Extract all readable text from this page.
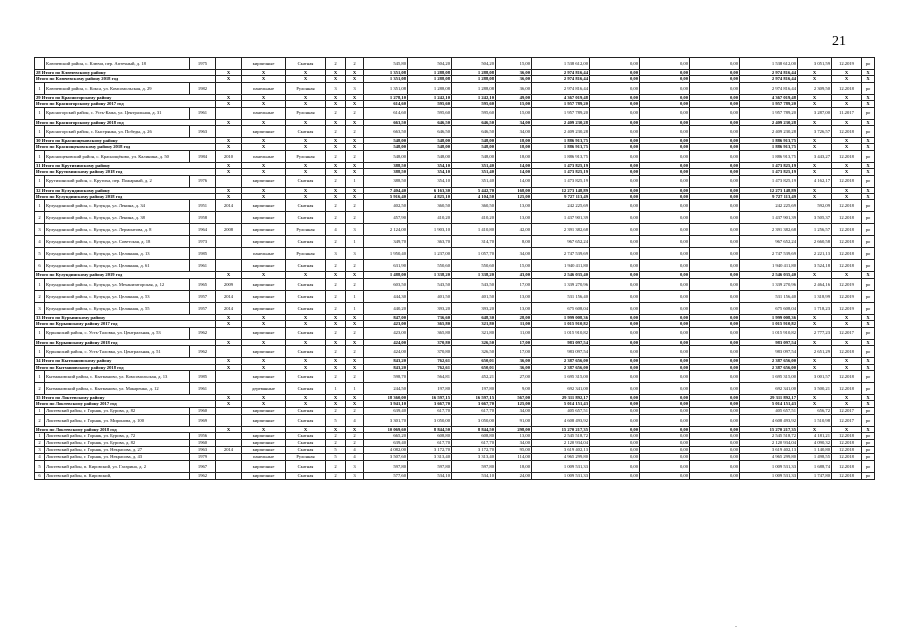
21
	Ключевский район, с. Ключи, пер. Аптечный, д. 18	1975		кирпичные	Скатная	2	2	545,80	504,20	504,20	15,00	1 538 612,00	0,00	0,00	0,00	1 538 612,00	3 051,59	12.2019	ро
28 Итого по Ключевскому району			X	X	X	X	X	1 351,08	1 288,08	1 288,08	36,00	2 974 816,44	0,00	0,00	0,00	2 974 816,44	X	X	X
Итого по Ключевскому району 2018 год			X	X	X	X	X	1 351,08	1 288,08	1 288,08	36,00	2 974 816,44	0,00	0,00	0,00	2 974 816,44	X	X	X
1	Ключевский район, с. Кокса, ул. Комсомольская, д. 29	1982		панельные	Рулонная	3	3	1 351,08	1 288,08	1 288,08	36,00	2 974 816,44	0,00	0,00	0,00	2 974 816,44	2 309,50	12.2018	ро
29 Итого по Красногорскому району			X	X	X	X	X	1 278,10	1 242,10	1 242,10	49,00	4 367 019,48	0,00	0,00	0,00	4 367 019,48	X	X	X
Итого по Красногорскому району 2017 год			X	X	X	X	X	614,60	595,60	595,60	15,00	1 957 789,20	0,00	0,00	0,00	1 957 789,20	X	X	X
1	Красногорский район, с. Усть-Кажа, ул. Центральная, д. 31	1961		панельные	Рулонная	2	2	614,60	595,60	595,60	15,00	1 957 789,20	0,00	0,00	0,00	1 957 789,20	3 287,00	11.2017	ро
Итого по Красногорскому району 2018 год			X	X	X	X	X	663,50	646,50	646,50	34,00	2 409 230,28	0,00	0,00	0,00	2 409 230,28	X	X	X
1	Красногорский район, с. Быстрянка, ул. Победы, д. 26	1963		кирпичные	Скатная	2	2	663,50	646,50	646,50	34,00	2 409 230,28	0,00	0,00	0,00	2 409 230,28	3 726,57	12.2018	ро
30 Итого по Краснощековскому району			X	X	X	X	X	548,00	548,00	548,00	18,00	1 886 913,75	0,00	0,00	0,00	1 886 913,75	X	X	X
Итого по Краснощековскому району 2018 год			X	X	X	X	X	548,00	548,00	548,00	18,00	1 886 913,75	0,00	0,00	0,00	1 886 913,75	X	X	X
1	Краснощековский район, с. Краснощёково, ул. Калинина, д. 50	1984	2010	панельные	Рулонная	2	2	548,00	548,00	548,00	18,00	1 886 913,75	0,00	0,00	0,00	1 886 913,75	3 443,27	12.2018	ро
31 Итого по Крутихинскому району			X	X	X	X	X	388,50	354,10	351,40	14,00	1 473 825,19	0,00	0,00	0,00	1 473 825,19	X	X	X
Итого по Крутихинскому району 2018 год			X	X	X	X	X	388,50	354,10	351,40	14,00	1 473 825,19	0,00	0,00	0,00	1 473 825,19	X	X	X
1	Крутихинский район, с. Крутиха, пер. Пожарный, д. 2	1976		кирпичные	Скатная	2	1	388,50	354,10	351,40	14,00	1 473 825,19	0,00	0,00	0,00	1 473 825,19	4 162,17	12.2018	ро
32 Итого по Кулундинскому району			X	X	X	X	X	7 404,40	6 163,30	5 442,70	168,00	12 273 148,89	0,00	0,00	0,00	12 273 148,89	X	X	X
Итого по Кулундинскому району 2018 год			X	X	X	X	X	5 916,40	4 825,10	4 104,50	125,00	9 727 113,49	0,00	0,00	0,00	9 727 113,49	X	X	X
1	Кулундинский район, с. Кулунда, ул. Ленина, д. 34	1951	2014	кирпичные	Скатная	2	2	402,50	360,50	360,50	13,00	242 225,69	0,00	0,00	0,00	242 225,69	592,09	12.2018	ро
2	Кулундинский район, с. Кулунда, ул. Ленина, д. 38	1958		кирпичные	Скатная	2	2	457,90	410,20	410,20	13,00	1 437 901,39	0,00	0,00	0,00	1 437 901,39	3 505,37	12.2018	ро
3	Кулундинский район, с. Кулунда, ул. Лермонтова, д. 8	1964	2008	кирпичные	Рулонная	4	3	2 124,00	1 903,10	1 410,80	42,00	2 391 382,68	0,00	0,00	0,00	2 391 382,68	1 256,57	12.2018	ро
4	Кулундинский район, с. Кулунда, ул. Советская, д. 18	1973		кирпичные	Скатная	2	1	349,70	363,70	314,70	8,00	967 652,24	0,00	0,00	0,00	967 652,24	2 660,58	12.2018	ро
5	Кулундинский район, с. Кулунда, ул. Целинная, д. 13	1985		панельные	Рулонная	3	3	1 950,40	1 237,00	1 057,70	34,00	2 747 539,69	0,00	0,00	0,00	2 747 539,69	2 221,13	12.2018	ро
6	Кулундинский район, с. Кулунда, ул. Целинная, д. 61	1961		кирпичные	Скатная	2	2	631,90	550,60	550,60	15,00	1 940 411,80	0,00	0,00	0,00	1 940 411,80	3 524,18	12.2018	ро
Итого по Кулундинскому району 2019 год			X	X	X	X	X	1 488,00	1 338,20	1 338,20	43,00	2 546 035,40	0,00	0,00	0,00	2 546 035,40	X	X	X
1	Кулундинский район, с. Кулунда, ул. Механизаторская, д. 12	1965	2009	кирпичные	Скатная	2	2	603,50	543,50	543,50	17,00	1 339 270,96	0,00	0,00	0,00	1 339 270,96	2 464,16	12.2019	ро
2	Кулундинский район, с. Кулунда, ул. Целинная, д. 53	1957	2014	кирпичные	Скатная	2	1	444,30	401,50	401,50	13,00	531 156,40	0,00	0,00	0,00	531 156,40	1 318,99	12.2019	ро
3	Кулундинский район, с. Кулунда, ул. Целинная, д. 55	1957	2014	кирпичные	Скатная	2	1	440,20	393,20	393,20	13,00	675 608,04	0,00	0,00	0,00	675 608,04	1 718,23	12.2019	ро
33 Итого по Курьинскому району			X	X	X	X	X	847,00	736,60	648,30	28,00	1 999 008,36	0,00	0,00	0,00	1 999 008,36	X	X	X
Итого по Курьинскому району 2017 год			X	X	X	X	X	423,00	365,80	321,80	11,00	1 015 910,82	0,00	0,00	0,00	1 015 910,82	X	X	X
1	Курьинский район, с. Усть-Таловка, ул. Центральная, д. 53	1962		кирпичные	Скатная	2	2	423,00	365,80	321,80	11,00	1 015 910,82	0,00	0,00	0,00	1 015 910,82	2 777,23	12.2017	ро
Итого по Курьинскому району 2018 год			X	X	X	X	X	424,00	370,80	326,50	17,00	983 097,54	0,00	0,00	0,00	983 097,54	X	X	X
1	Курьинский район, с. Усть-Таловка, ул. Центральная, д. 51	1962		кирпичные	Скатная	2	2	424,00	370,80	326,50	17,00	983 097,54	0,00	0,00	0,00	983 097,54	2 651,29	12.2018	ро
34 Итого по Кытмановскому району			X	X	X	X	X	843,20	762,61	650,01	36,00	2 387 656,00	0,00	0,00	0,00	2 387 656,00	X	X	X
Итого по Кытмановскому району 2018 год			X	X	X	X	X	843,20	762,61	650,01	36,00	2 387 656,00	0,00	0,00	0,00	2 387 656,00	X	X	X
1	Кытмановский район, с. Кытманово, ул. Комсомольская, д. 13	1985		кирпичные	Скатная	2	2	598,70	564,81	452,21	27,00	1 695 315,00	0,00	0,00	0,00	1 695 315,00	3 001,57	12.2018	ро
2	Кытмановский район, с. Кытманово, ул. Макаренко, д. 12	1961		деревянные	Скатная	1	1	244,50	197,80	197,80	9,00	692 341,00	0,00	0,00	0,00	692 341,00	3 500,21	12.2018	ро
35 Итого по Локтевскому району			X	X	X	X	X	18 360,00	16 597,15	16 597,15	567,00	29 311 892,17	0,00	0,00	0,00	29 311 892,17	X	X	X
Итого по Локтевскому району 2017 год			X	X	X	X	X	3 941,10	3 667,70	3 667,70	125,00	5 014 151,43	0,00	0,00	0,00	5 014 151,43	X	X	X
1	Локтевский район, г. Горняк, ул. Бурова, д. 82	1960		кирпичные	Скатная	2	2	639,40	617,70	617,70	34,00	405 657,51	0,00	0,00	0,00	405 657,51	656,72	12.2017	ро
2	Локтевский район, г. Горняк, ул. Миронова, д. 100	1969		кирпичные	Скатная	5	4	3 301,70	3 050,00	3 050,00	91,00	4 608 493,92	0,00	0,00	0,00	4 608 493,92	1 510,98	12.2017	ро
Итого по Локтевскому району 2018 год			X	X	X	X	X	10 069,60	8 844,50	8 844,50	298,00	15 270 217,35	0,00	0,00	0,00	15 270 217,35	X	X	X
1	Локтевский район, г. Горняк, ул. Бурова, д. 72	1956		кирпичные	Скатная	2	2	665,20	608,80	608,80	13,00	2 545 518,72	0,00	0,00	0,00	2 545 518,72	4 181,21	12.2018	ро
2	Локтевский район, г. Горняк, ул. Бурова, д. 82	1960		кирпичные	Скатная	2	2	639,40	617,70	617,70	34,00	2 120 934,04	0,00	0,00	0,00	2 120 934,04	4 090,32	12.2018	ро
3	Локтевский район, г. Горняк, ул. Некрасова, д. 27	1963	2014	кирпичные	Скатная	5	4	4 082,00	3 172,70	3 172,70	95,00	3 619 402,13	0,00	0,00	0,00	3 619 402,13	1 140,80	12.2018	ро
4	Локтевский район, г. Горняк, ул. Некрасова, д. 43	1979		панельные	Рулонная	5	4	3 507,60	3 313,40	3 313,40	114,00	4 965 299,80	0,00	0,00	0,00	4 965 299,80	1 498,55	12.2018	ро
5	Локтевский район, п. Кировский, ул. Гагарина, д. 2	1967		кирпичные	Скатная	2	3	597,80	597,80	597,80	18,00	1 009 531,33	0,00	0,00	0,00	1 009 531,33	1 688,74	12.2018	ро
6	Локтевский район, п. Кировский,	1962		кирпичные	Скатная	2	3	577,60	534,10	534,10	24,00	1 009 531,33	0,00	0,00	0,00	1 009 531,33	1 747,80	12.2018	ро
-
